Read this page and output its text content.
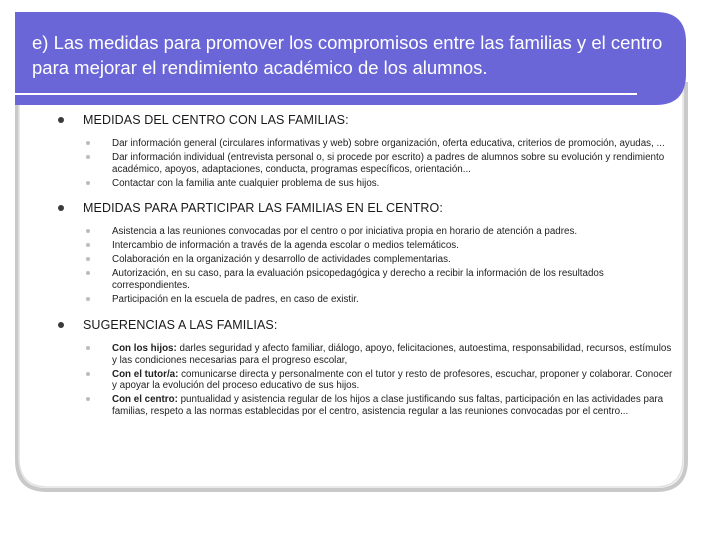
e) Las medidas para promover los compromisos entre las familias y el centro para mejorar el rendimiento académico de los alumnos.
MEDIDAS DEL CENTRO CON LAS FAMILIAS:
Dar información general (circulares informativas y web) sobre organización, oferta educativa, criterios de promoción, ayudas, ...
Dar información individual (entrevista personal o, si procede por escrito) a padres de alumnos sobre su evolución y rendimiento académico, apoyos, adaptaciones, conducta, programas específicos, orientación...
Contactar con la familia ante cualquier problema de sus hijos.
MEDIDAS PARA PARTICIPAR LAS FAMILIAS EN EL CENTRO:
Asistencia a las reuniones convocadas por el centro o por iniciativa propia en horario de atención a padres.
Intercambio de información a través de la agenda escolar o medios telemáticos.
Colaboración en la organización y desarrollo de actividades complementarias.
Autorización, en su caso, para la evaluación psicopedagógica y derecho a recibir la información de los resultados correspondientes.
Participación en la escuela de padres, en caso de existir.
SUGERENCIAS A LAS FAMILIAS:
Con los hijos: darles seguridad y afecto familiar, diálogo, apoyo, felicitaciones, autoestima, responsabilidad, recursos, estímulos y las condiciones necesarias para el progreso escolar,
Con el tutor/a: comunicarse directa y personalmente con el tutor y resto de profesores, escuchar, proponer y colaborar. Conocer y apoyar la evolución del proceso educativo de sus hijos.
Con el centro: puntualidad y asistencia regular de los hijos a clase justificando sus faltas, participación en las actividades para familias, respeto a las normas establecidas por el centro, asistencia regular a las reuniones convocadas por el centro...
